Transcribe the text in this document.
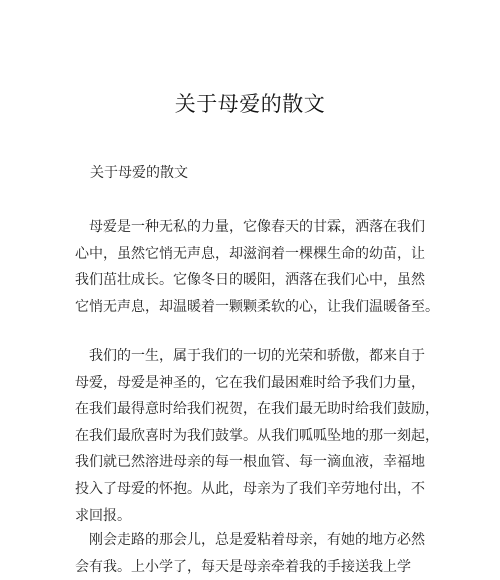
关于母爱的散文
关于母爱的散文
母爱是一种无私的力量，它像春天的甘霖，洒落在我们
心中，虽然它悄无声息，却滋润着一棵棵生命的幼苗，让
我们茁壮成长。它像冬日的暖阳，洒落在我们心中，虽然
它悄无声息，却温暖着一颗颗柔软的心，让我们温暖备至。
我们的一生，属于我们的一切的光荣和骄傲，都来自于
母爱，母爱是神圣的，它在我们最困难时给予我们力量，
在我们最得意时给我们祝贺，在我们最无助时给我们鼓励，
在我们最欣喜时为我们鼓掌。从我们呱呱坠地的那一刻起，
我们就已然溶进母亲的每一根血管、每一滴血液，幸福地
投入了母爱的怀抱。从此，母亲为了我们辛劳地付出，不
求回报。
刚会走路的那会儿，总是爱粘着母亲，有她的地方必然
会有我。上小学了，每天是母亲牵着我的手接送我上学
